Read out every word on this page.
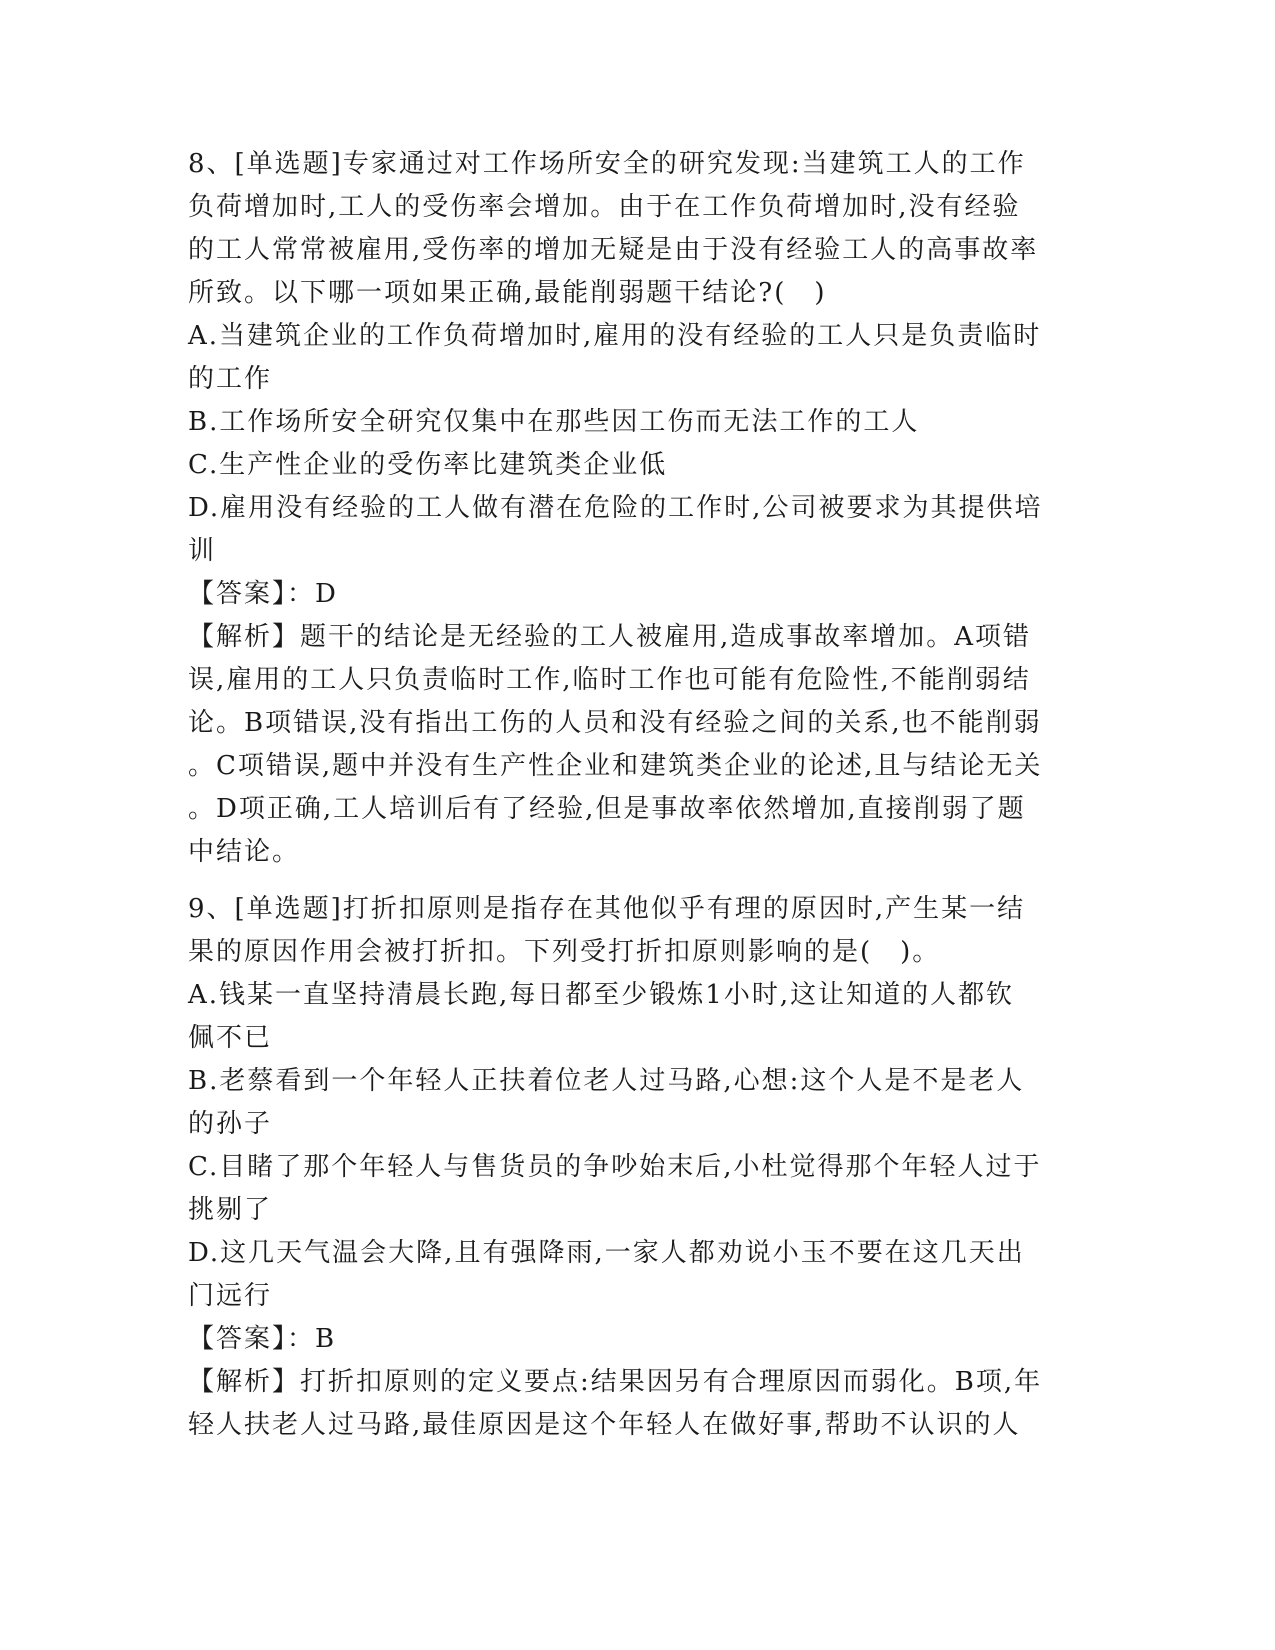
8、[单选题]专家通过对工作场所安全的研究发现:当建筑工人的工作
负荷增加时,工人的受伤率会增加。由于在工作负荷增加时,没有经验
的工人常常被雇用,受伤率的增加无疑是由于没有经验工人的高事故率
所致。以下哪一项如果正确,最能削弱题干结论?(　)
A.当建筑企业的工作负荷增加时,雇用的没有经验的工人只是负责临时
的工作
B.工作场所安全研究仅集中在那些因工伤而无法工作的工人
C.生产性企业的受伤率比建筑类企业低
D.雇用没有经验的工人做有潜在危险的工作时,公司被要求为其提供培
训
【答案】：D
【解析】题干的结论是无经验的工人被雇用,造成事故率增加。A项错
误,雇用的工人只负责临时工作,临时工作也可能有危险性,不能削弱结
论。B项错误,没有指出工伤的人员和没有经验之间的关系,也不能削弱
。C项错误,题中并没有生产性企业和建筑类企业的论述,且与结论无关
。D项正确,工人培训后有了经验,但是事故率依然增加,直接削弱了题
中结论。
9、[单选题]打折扣原则是指存在其他似乎有理的原因时,产生某一结
果的原因作用会被打折扣。下列受打折扣原则影响的是(　)。
A.钱某一直坚持清晨长跑,每日都至少锻炼1小时,这让知道的人都钦
佩不已
B.老蔡看到一个年轻人正扶着位老人过马路,心想:这个人是不是老人
的孙子
C.目睹了那个年轻人与售货员的争吵始末后,小杜觉得那个年轻人过于
挑剔了
D.这几天气温会大降,且有强降雨,一家人都劝说小玉不要在这几天出
门远行
【答案】：B
【解析】打折扣原则的定义要点:结果因另有合理原因而弱化。B项,年
轻人扶老人过马路,最佳原因是这个年轻人在做好事,帮助不认识的人
